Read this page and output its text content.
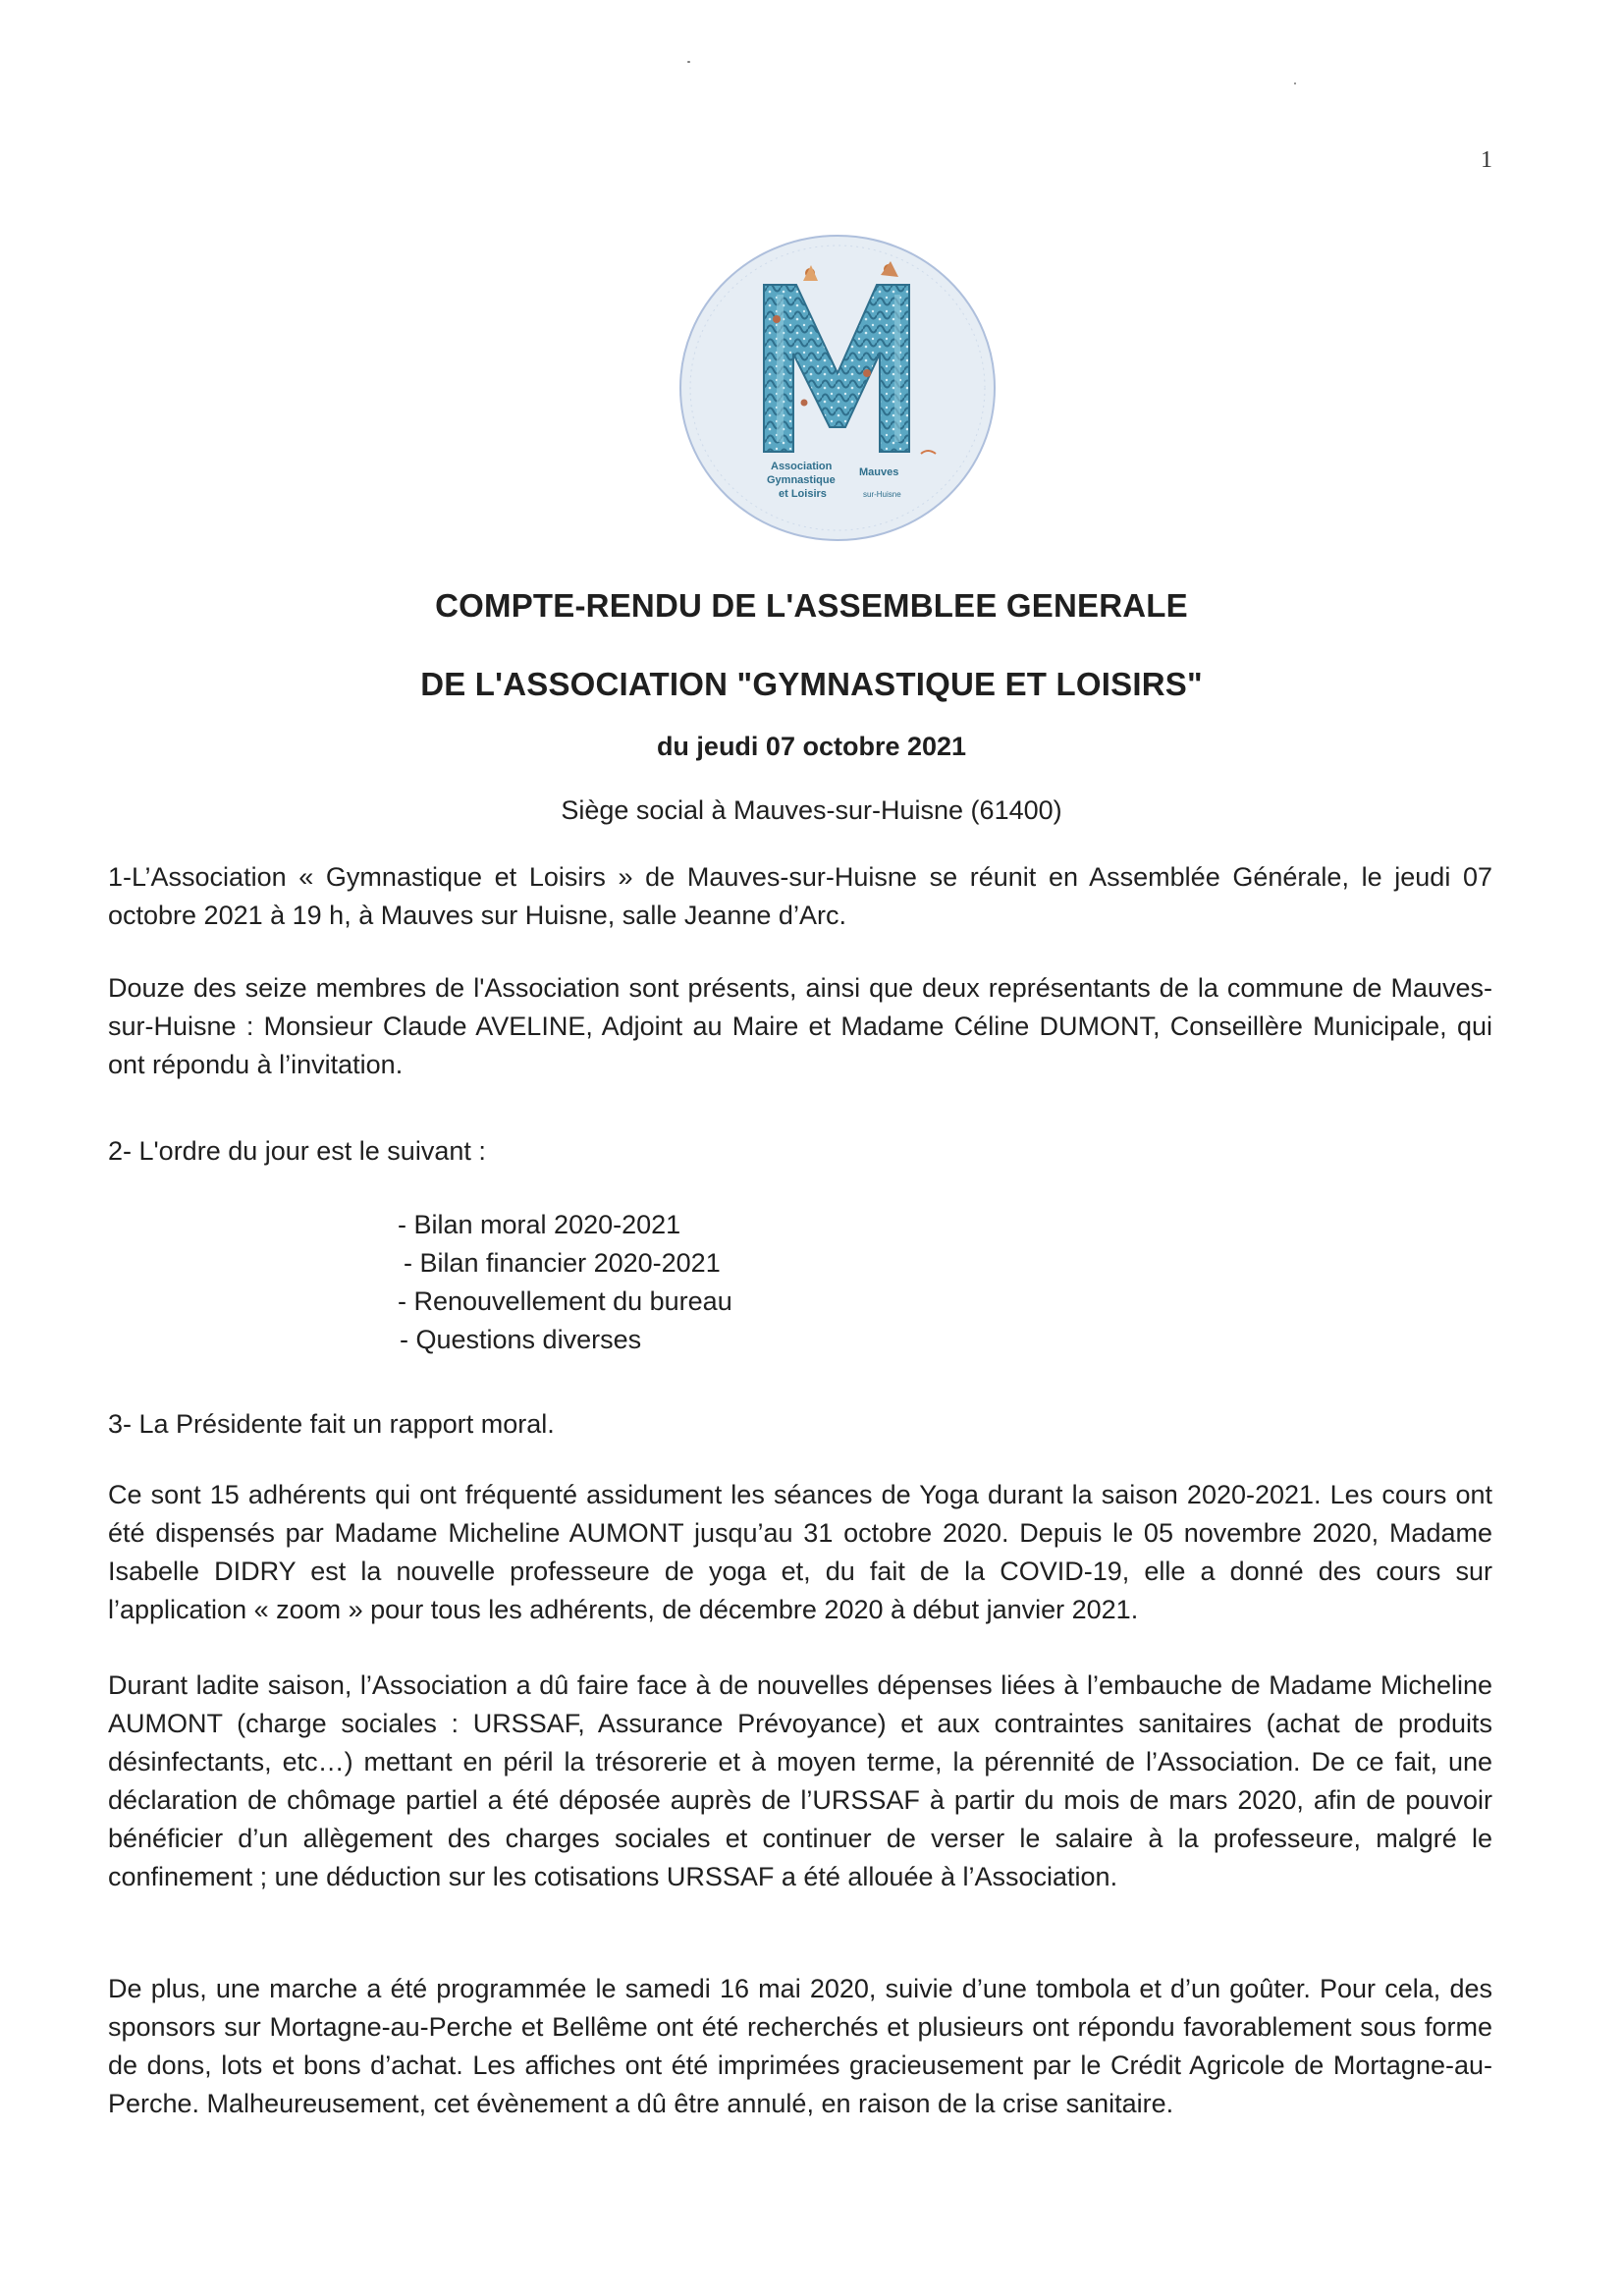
1
Association
Gymnastique
et Loisirs
Mauves
sur-Huisne
COMPTE-RENDU DE L'ASSEMBLEE GENERALE
DE L'ASSOCIATION "GYMNASTIQUE ET LOISIRS"
du jeudi 07 octobre 2021
Siège social à Mauves-sur-Huisne (61400)

1-L’Association « Gymnastique et Loisirs » de Mauves-sur-Huisne se réunit en Assemblée Générale, le jeudi 07 octobre 2021 à 19 h, à Mauves sur Huisne, salle Jeanne d’Arc.

Douze des seize membres de l'Association sont présents, ainsi que deux représentants de la commune de Mauves-sur-Huisne : Monsieur Claude AVELINE, Adjoint au Maire et Madame Céline DUMONT, Conseillère Municipale, qui ont répondu à l’invitation.

2- L'ordre du jour est le suivant :

- Bilan moral 2020-2021
- Bilan financier 2020-2021
- Renouvellement du bureau
- Questions diverses

3- La Présidente fait un rapport moral.

Ce sont 15 adhérents qui ont fréquenté assidument les séances de Yoga durant la saison 2020-2021. Les cours ont été dispensés par Madame Micheline AUMONT jusqu’au 31 octobre 2020. Depuis le 05 novembre 2020, Madame Isabelle DIDRY est la nouvelle professeure de yoga et, du fait de la COVID-19, elle a donné des cours sur l’application « zoom » pour tous les adhérents, de décembre 2020 à début janvier 2021.

Durant ladite saison, l’Association a dû faire face à de nouvelles dépenses liées à l’embauche de Madame Micheline AUMONT (charge sociales : URSSAF, Assurance Prévoyance) et aux contraintes sanitaires (achat de produits désinfectants, etc…) mettant en péril la trésorerie et à moyen terme, la pérennité de l’Association. De ce fait, une déclaration de chômage partiel a été déposée auprès de l’URSSAF à partir du mois de mars 2020, afin de pouvoir bénéficier d’un allègement des charges sociales et continuer de verser le salaire à la professeure, malgré le confinement ; une déduction sur les cotisations URSSAF a été allouée à l’Association.

De plus, une marche a été programmée le samedi 16 mai 2020, suivie d’une tombola et d’un goûter. Pour cela, des sponsors sur Mortagne-au-Perche et Bellême ont été recherchés et plusieurs ont répondu favorablement sous forme de dons, lots et bons d’achat. Les affiches ont été imprimées gracieusement par le Crédit Agricole de Mortagne-au-Perche. Malheureusement, cet évènement a dû être annulé, en raison de la crise sanitaire.
